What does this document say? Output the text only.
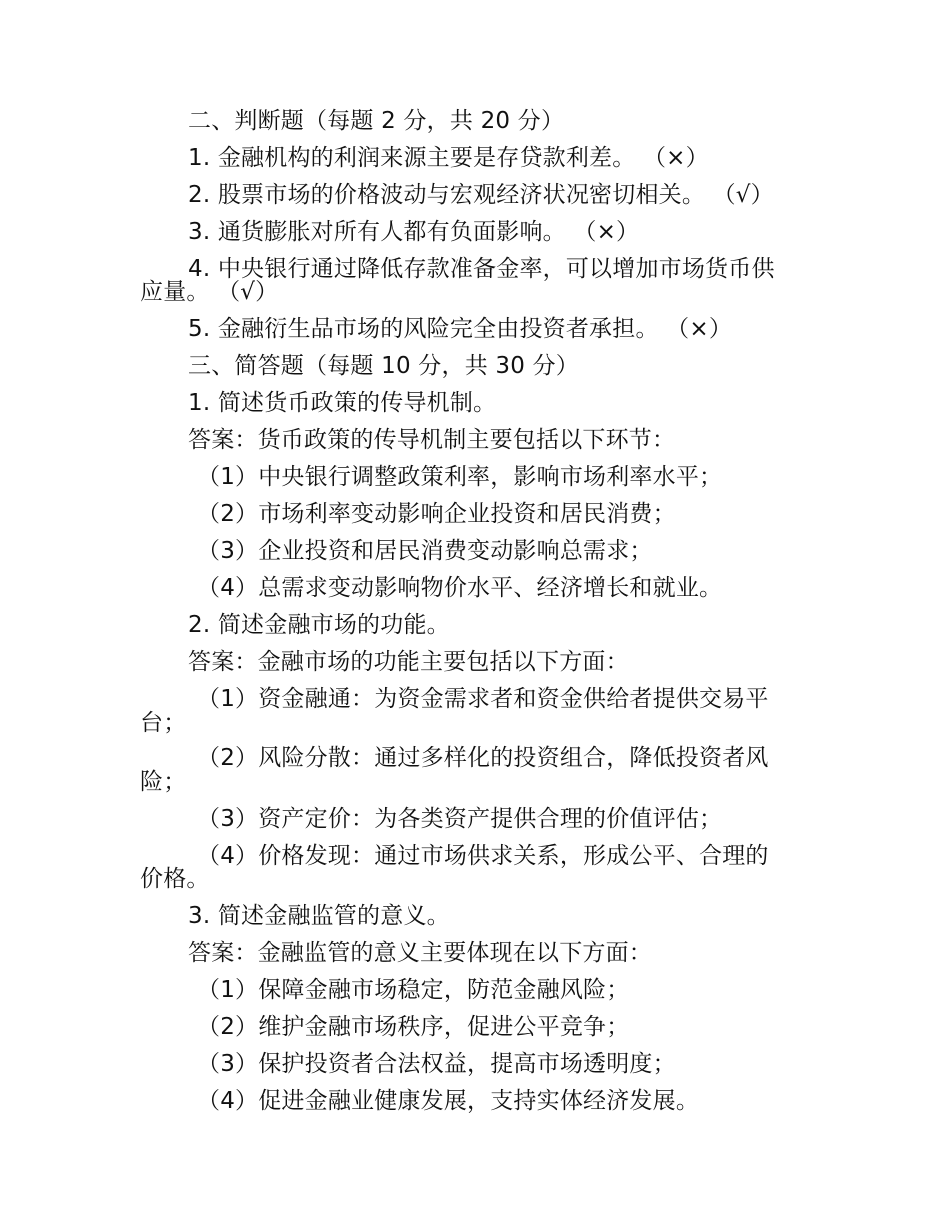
二、判断题（每题 2 分，共 20 分）
1. 金融机构的利润来源主要是存贷款利差。 （×）
2. 股票市场的价格波动与宏观经济状况密切相关。 （√）
3. 通货膨胀对所有人都有负面影响。 （×）
4. 中央银行通过降低存款准备金率，可以增加市场货币供
应量。 （√）
5. 金融衍生品市场的风险完全由投资者承担。 （×）
三、简答题（每题 10 分，共 30 分）
1. 简述货币政策的传导机制。
答案：货币政策的传导机制主要包括以下环节：
（1）中央银行调整政策利率，影响市场利率水平；
（2）市场利率变动影响企业投资和居民消费；
（3）企业投资和居民消费变动影响总需求；
（4）总需求变动影响物价水平、经济增长和就业。
2. 简述金融市场的功能。
答案：金融市场的功能主要包括以下方面：
（1）资金融通：为资金需求者和资金供给者提供交易平
台；
（2）风险分散：通过多样化的投资组合，降低投资者风
险；
（3）资产定价：为各类资产提供合理的价值评估；
（4）价格发现：通过市场供求关系，形成公平、合理的
价格。
3. 简述金融监管的意义。
答案：金融监管的意义主要体现在以下方面：
（1）保障金融市场稳定，防范金融风险；
（2）维护金融市场秩序，促进公平竞争；
（3）保护投资者合法权益，提高市场透明度；
（4）促进金融业健康发展，支持实体经济发展。
